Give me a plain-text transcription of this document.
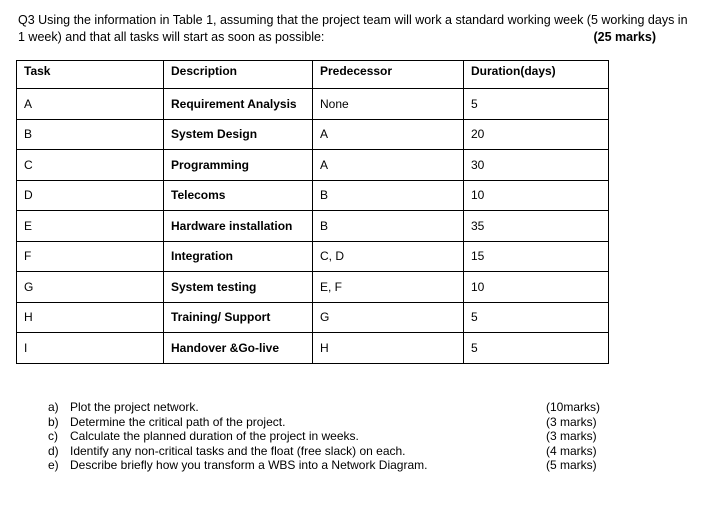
Q3 Using the information in Table 1, assuming that the project team will work a standard working week (5 working days in 1 week) and that all tasks will start as soon as possible:	(25 marks)
Task	Description	Predecessor	Duration(days)
A	Requirement Analysis	None	5
B	System Design	A	20
C	Programming	A	30
D	Telecoms	B	10
E	Hardware installation	B	35
F	Integration	C, D	15
G	System testing	E, F	10
H	Training/ Support	G	5
I	Handover &Go-live	H	5
a) Plot the project network.	(10marks)
b) Determine the critical path of the project.	(3 marks)
c)	Calculate the planned duration of the project in weeks.	(3 marks)
d) Identify any non-critical tasks and the float (free slack) on each.	(4 marks)
e) Describe briefly how you transform a WBS into a Network Diagram.	(5 marks)
